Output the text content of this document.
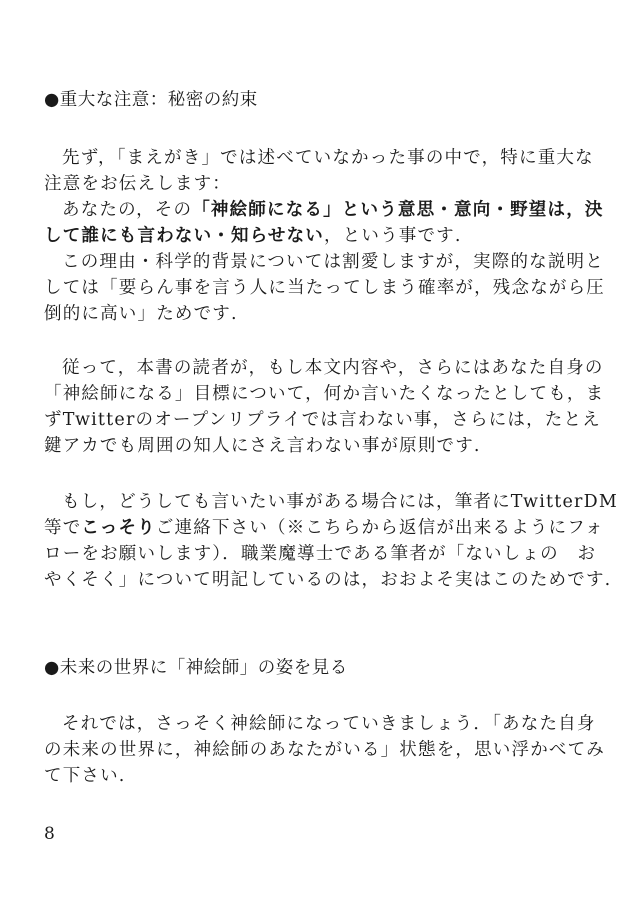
●重大な注意：秘密の約束
先ず，「まえがき」では述べていなかった事の中で，特に重大な
注意をお伝えします：
あなたの，その「神絵師になる」という意思・意向・野望は，決
して誰にも言わない・知らせない，という事です.
この理由・科学的背景については割愛しますが，実際的な説明と
しては「要らん事を言う人に当たってしまう確率が，残念ながら圧
倒的に高い」ためです.
従って，本書の読者が，もし本文内容や，さらにはあなた自身の
「神絵師になる」目標について，何か言いたくなったとしても，ま
ずTwitterのオープンリプライでは言わない事，さらには，たとえ
鍵アカでも周囲の知人にさえ言わない事が原則です.
もし，どうしても言いたい事がある場合には，筆者にTwitterDM
等でこっそりご連絡下さい（※こちらから返信が出来るようにフォ
ローをお願いします）．職業魔導士である筆者が「ないしょの　お
やくそく」について明記しているのは，おおよそ実はこのためです.
●未来の世界に「神絵師」の姿を見る
それでは，さっそく神絵師になっていきましょう．「あなた自身
の未来の世界に，神絵師のあなたがいる」状態を，思い浮かべてみ
て下さい.
8
